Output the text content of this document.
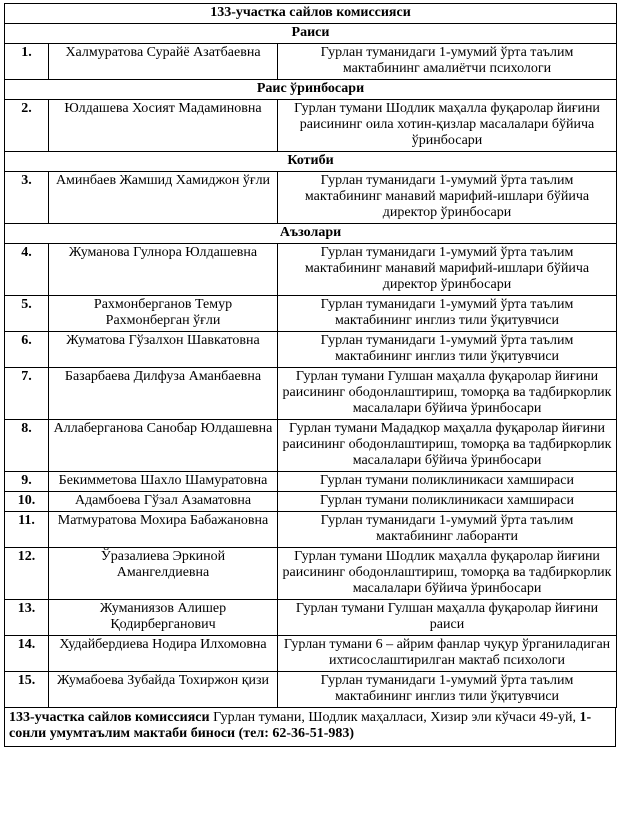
133-участка сайлов комиссияси		
Раиси		
1.	Халмуратова Сурайё Азатбаевна	Гурлан туманидаги 1-умумий ўрта таълим мактабининг амалиётчи психологи
Раис ўринбосари		
2.	Юлдашева Хосият Мадаминовна	Гурлан тумани Шодлик маҳалла фуқаролар йиғини раисининг оила хотин-қизлар масалалари бўйича ўринбосари
Котиби		
3.	Аминбаев Жамшид Хамиджон ўғли	Гурлан туманидаги 1-умумий ўрта таълим мактабининг манавий марифий-ишлари бўйича директор ўринбосари
Аъзолари		
4.	Жуманова Гулнора Юлдашевна	Гурлан туманидаги 1-умумий ўрта таълим мактабининг манавий марифий-ишлари бўйича директор ўринбосари
5.	Рахмонберганов Темур Рахмонберган ўғли	Гурлан туманидаги 1-умумий ўрта таълим мактабининг инглиз тили ўқитувчиси
6.	Жуматова Гўзалхон Шавкатовна	Гурлан туманидаги 1-умумий ўрта таълим мактабининг инглиз тили ўқитувчиси
7.	Базарбаева Дилфуза Аманбаевна	Гурлан тумани Гулшан маҳалла фуқаролар йиғини раисининг ободонлаштириш, томорқа ва тадбиркорлик масалалари бўйича ўринбосари
8.	Аллаберганова Санобар Юлдашевна	Гурлан тумани Мададкор маҳалла фуқаролар йиғини раисининг ободонлаштириш, томорқа ва тадбиркорлик масалалари бўйича ўринбосари
9.	Бекимметова Шахло Шамуратовна	Гурлан тумани поликлиникаси хамшираси
10.	Адамбоева Гўзал Азаматовна	Гурлан тумани поликлиникаси хамшираси
11.	Матмуратова Мохира Бабажановна	Гурлан туманидаги 1-умумий ўрта таълим мактабининг лаборанти
12.	Ўразалиева Эркиной Амангелдиевна	Гурлан тумани Шодлик маҳалла фуқаролар йиғини раисининг ободонлаштириш, томорқа ва тадбиркорлик масалалари бўйича ўринбосари
13.	Жуманиязов Алишер Қодирберганович	Гурлан тумани Гулшан маҳалла фуқаролар йиғини раиси
14.	Худайбердиева Нодира Илхомовна	Гурлан тумани 6 – айрим фанлар чуқур ўрганиладиган ихтисослаштирилган мактаб психологи
15.	Жумабоева Зубайда Тохиржон қизи	Гурлан туманидаги 1-умумий ўрта таълим мактабининг инглиз тили ўқитувчиси
133-участка сайлов комиссияси Гурлан тумани, Шодлик маҳалласи, Хизир эли кўчаси 49-уй, 1-сонли умумтаълим мактаби биноси (тел: 62-36-51-983)
